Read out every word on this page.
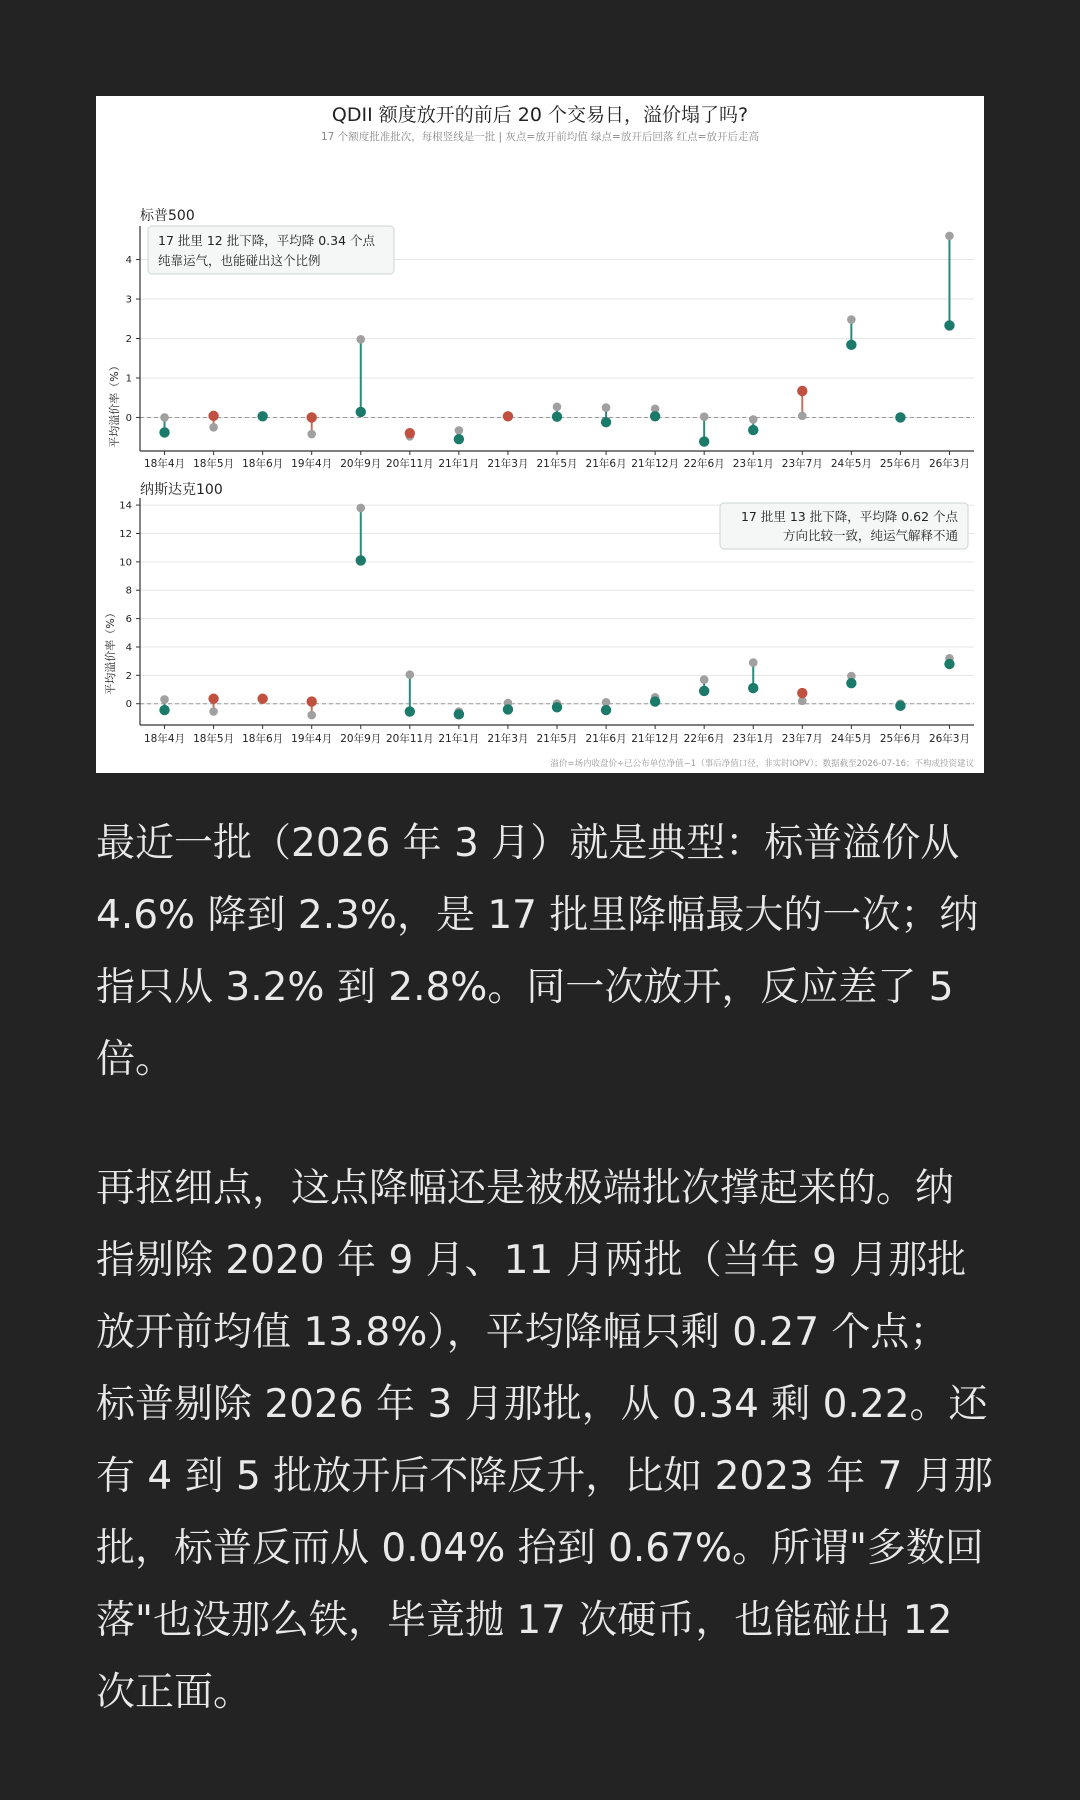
QDII 额度放开的前后 20 个交易日，溢价塌了吗?
17 个额度批准批次，每根竖线是一批 | 灰点=放开前均值 绿点=放开后回落 红点=放开后走高
标普500
平均溢价率（%） 0
1
2
3
4
18年4月 18年5月 18年6月 19年4月 20年9月 20年11月 21年1月 21年3月 21年5月 21年6月 21年12月 22年6月 23年1月 23年7月 24年5月 25年6月 26年3月
17 批里 12 批下降，平均降 0.34 个点
纯靠运气，也能碰出这个比例
纳斯达克100
平均溢价率（%）
0
2
4
6
8
10
12
14
18年4月 18年5月 18年6月 19年4月 20年9月 20年11月 21年1月 21年3月 21年5月 21年6月 21年12月 22年6月 23年1月 23年7月 24年5月 25年6月 26年3月
17 批里 13 批下降，平均降 0.62 个点
方向比较一致，纯运气解释不通
溢价=场内收盘价÷已公布单位净值−1（事后净值口径，非实时IOPV）；数据截至2026-07-16；不构成投资建议

最近一批（2026 年 3 月）就是典型：标普溢价从
4.6% 降到 2.3%，是 17 批里降幅最大的一次；纳
指只从 3.2% 到 2.8%。同一次放开，反应差了 5
倍。

再抠细点，这点降幅还是被极端批次撑起来的。纳
指剔除 2020 年 9 月、11 月两批（当年 9 月那批
放开前均值 13.8%），平均降幅只剩 0.27 个点；
标普剔除 2026 年 3 月那批，从 0.34 剩 0.22。还
有 4 到 5 批放开后不降反升，比如 2023 年 7 月那
批，标普反而从 0.04% 抬到 0.67%。所谓"多数回
落"也没那么铁，毕竟抛 17 次硬币，也能碰出 12
次正面。
